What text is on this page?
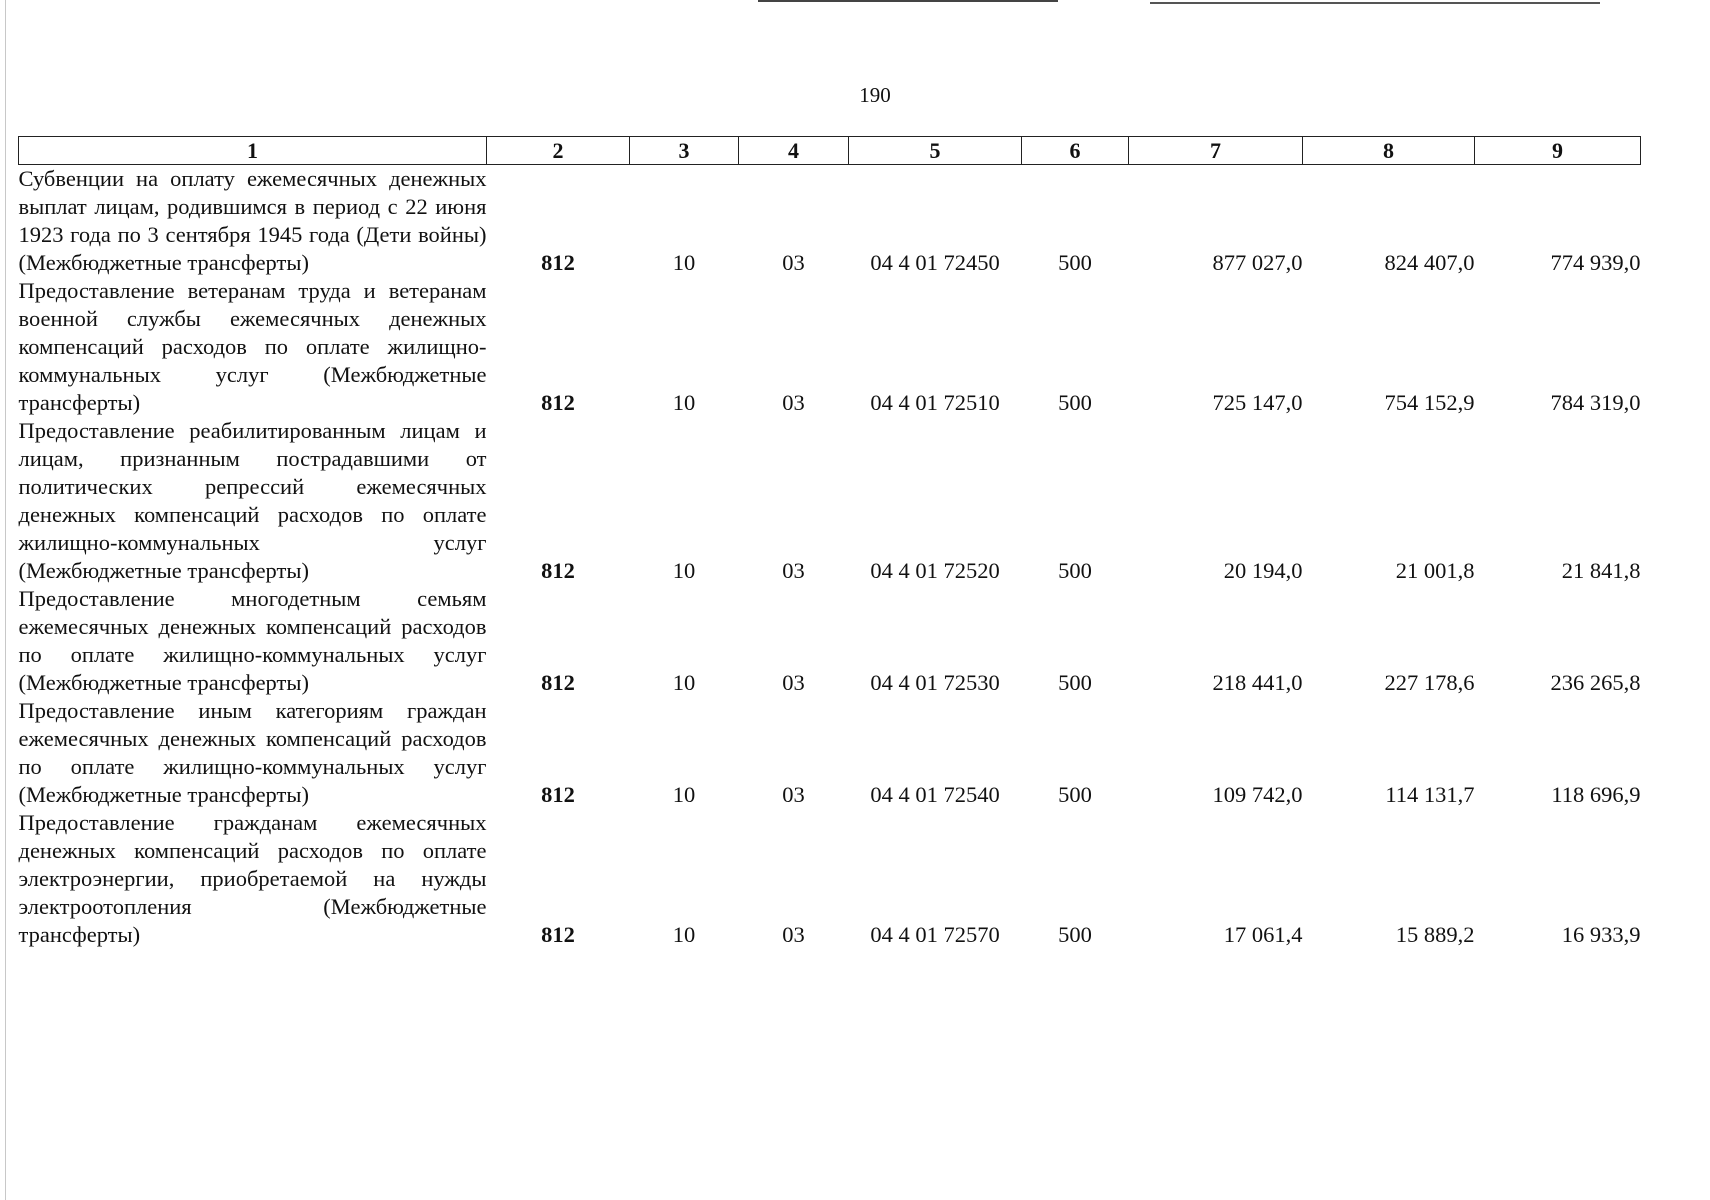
190
1	2	3	4	5	6	7	8	9
Субвенции на оплату ежемесячных денежных выплат лицам, родившимся в период с 22 июня 1923 года по 3 сентября 1945 года (Дети войны) (Межбюджетные трансферты)	812	10	03	04 4 01 72450	500	877 027,0	824 407,0	774 939,0
Предоставление ветеранам труда и ветеранам военной службы ежемесячных денежных компенсаций расходов по оплате жилищно-коммунальных услуг (Межбюджетные трансферты)	812	10	03	04 4 01 72510	500	725 147,0	754 152,9	784 319,0
Предоставление реабилитированным лицам и лицам, признанным пострадавшими от политических репрессий ежемесячных денежных компенсаций расходов по оплате жилищно-коммунальных услуг (Межбюджетные трансферты)	812	10	03	04 4 01 72520	500	20 194,0	21 001,8	21 841,8
Предоставление многодетным семьям ежемесячных денежных компенсаций расходов по оплате жилищно-коммунальных услуг (Межбюджетные трансферты)	812	10	03	04 4 01 72530	500	218 441,0	227 178,6	236 265,8
Предоставление иным категориям граждан ежемесячных денежных компенсаций расходов по оплате жилищно-коммунальных услуг (Межбюджетные трансферты)	812	10	03	04 4 01 72540	500	109 742,0	114 131,7	118 696,9
Предоставление гражданам ежемесячных денежных компенсаций расходов по оплате электроэнергии, приобретаемой на нужды электроотопления (Межбюджетные трансферты)	812	10	03	04 4 01 72570	500	17 061,4	15 889,2	16 933,9
